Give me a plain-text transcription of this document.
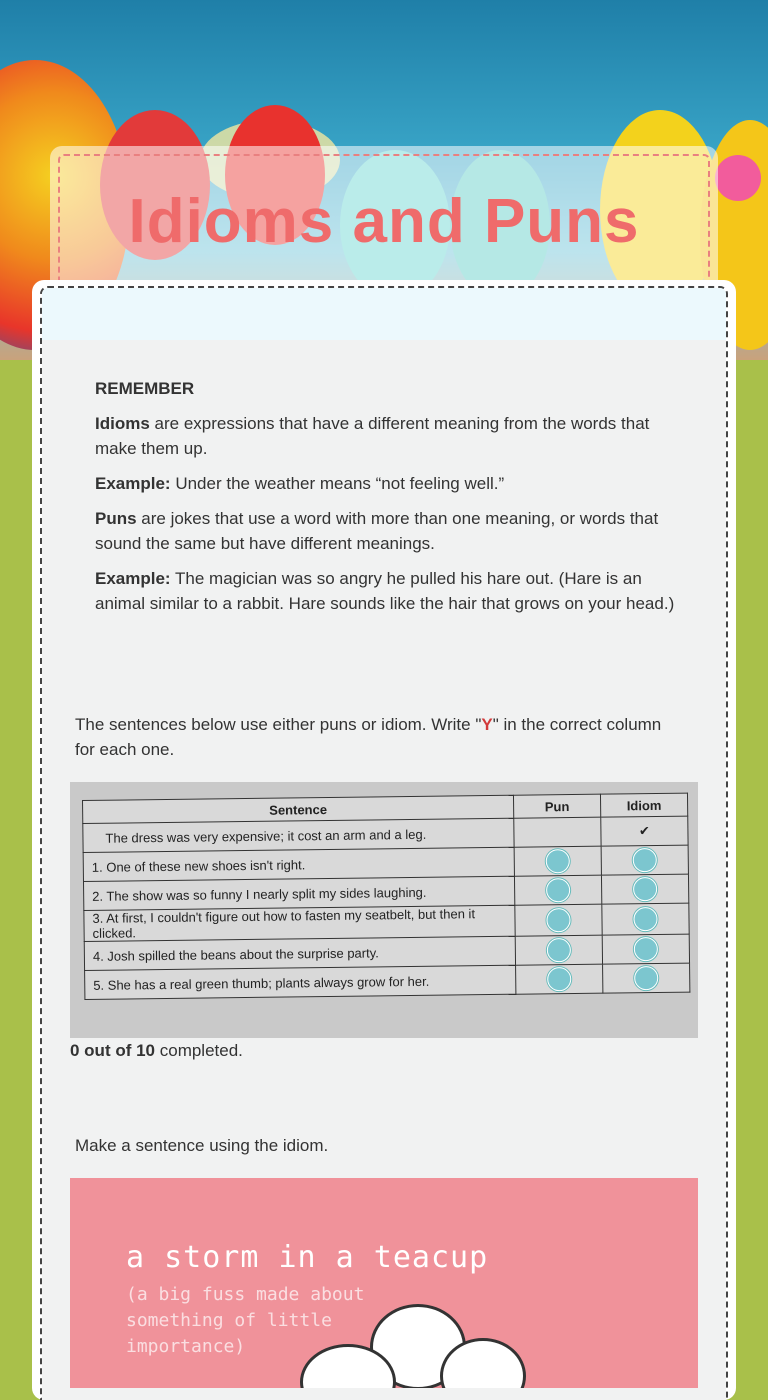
Idioms and Puns

REMEMBER

Idioms are expressions that have a different meaning from the words that make them up.

Example: Under the weather means “not feeling well.”

Puns are jokes that use a word with more than one meaning, or words that sound the same but have different meanings.

Example: The magician was so angry he pulled his hare out. (Hare is an animal similar to a rabbit. Hare sounds like the hair that grows on your head.)

The sentences below use either puns or idiom. Write "Y" in the correct column for each one.
Sentence	Pun	Idiom
The dress was very expensive; it cost an arm and a leg.		✔
1. One of these new shoes isn't right.		
2. The show was so funny I nearly split my sides laughing.		
3. At first, I couldn't figure out how to fasten my seatbelt, but then it clicked.		
4. Josh spilled the beans about the surprise party.		
5. She has a real green thumb; plants always grow for her.		
0 out of 10 completed.
Make a sentence using the idiom.
a storm in a teacup
(a big fuss made about
something of little
importance)
